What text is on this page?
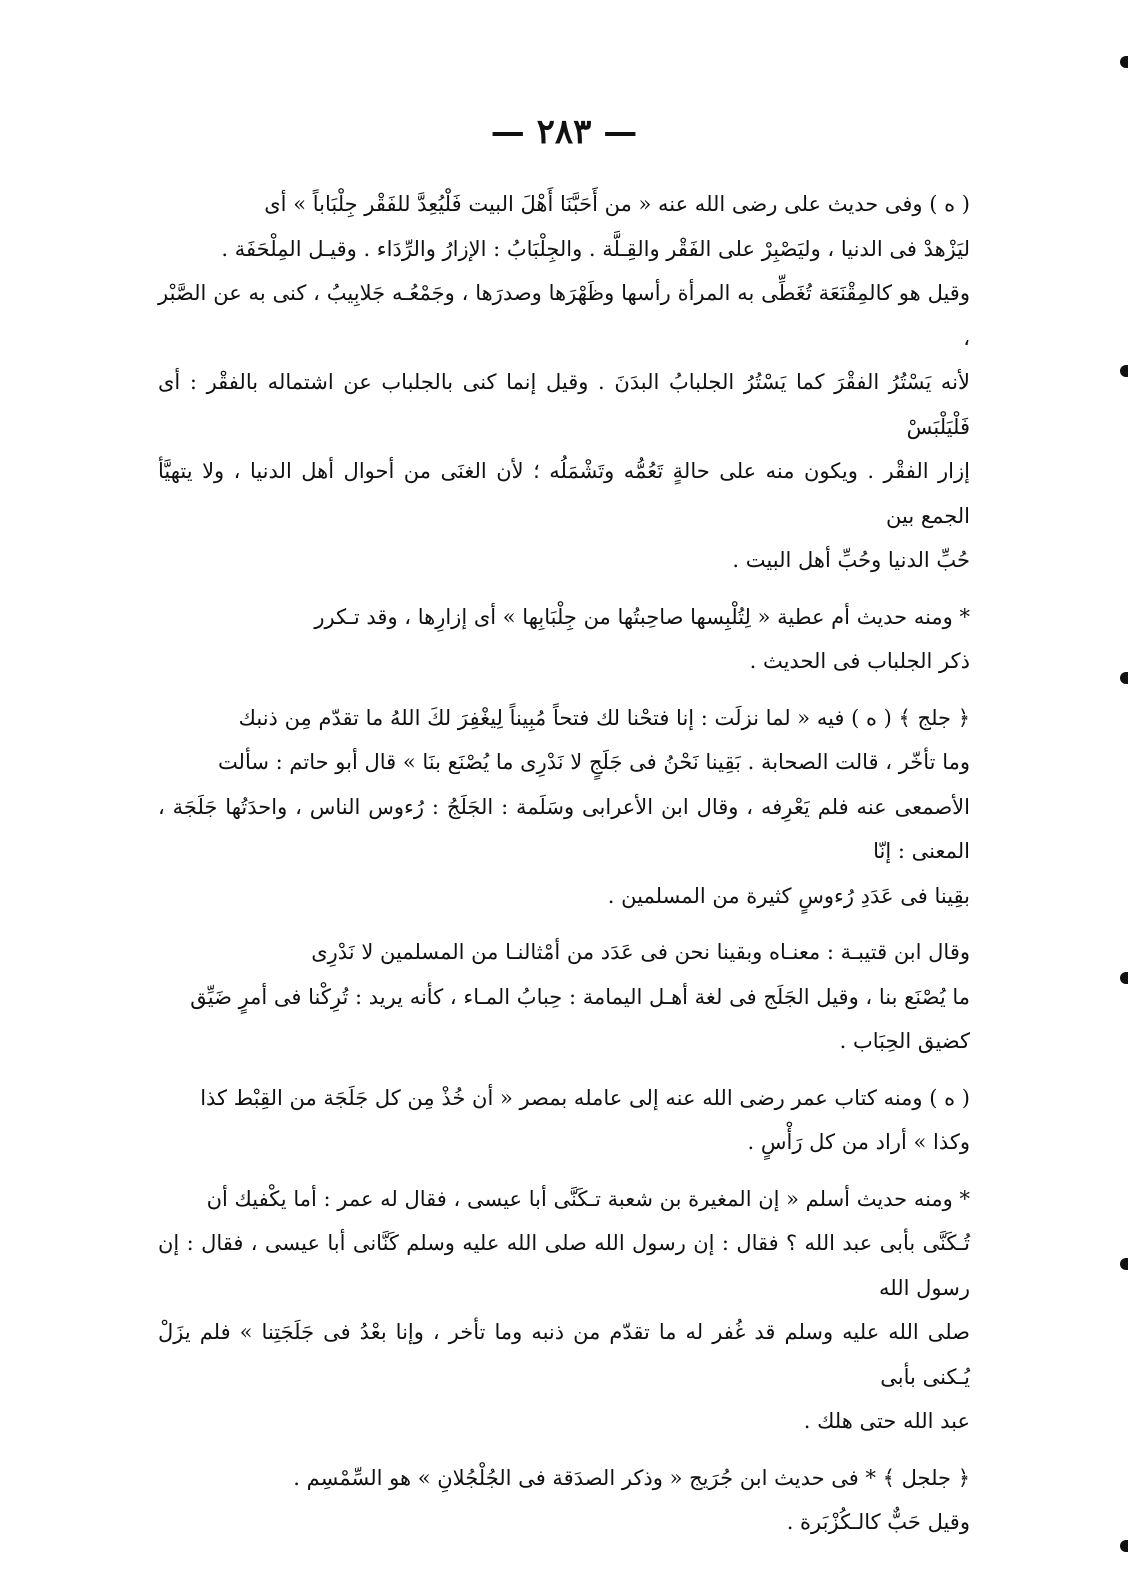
— ٢٨٣ —

( ه ) وفى حديث على رضى الله عنه « من أَحَبَّنَا أَهْلَ البيت فَلْيُعِدَّ للفَقْر جِلْبَاباً » أى

ليَزْهدْ فى الدنيا ، وليَصْبِرْ على الفَقْر والقِـلَّة . والجِلْبَابُ : الإزارُ والرِّدَاء . وقيـل المِلْحَفَة .

وقيل هو كالمِقْنَعَة تُغَطِّى به المرأة رأسها وظَهْرَها وصدرَها ، وجَمْعُـه جَلابِيبُ ، كنى به عن الصَّبْر ،

لأنه يَسْتُرُ الفقْرَ كما يَسْتُرُ الجلبابُ البدَنَ . وقيل إنما كنى بالجلباب عن اشتماله بالفقْر : أى فَلْيَلْبَسْ

إزار الفقْر . ويكون منه على حالةٍ تَعُمُّه وتَشْمَلُه ؛ لأن الغنَى من أحوال أهل الدنيا ، ولا يتهيَّأ الجمع بين

حُبِّ الدنيا وحُبِّ أهل البيت .

* ومنه حديث أم عطية « لِتُلْبِسها صاحِبتُها من جِلْبَابِها » أى إزارِها ، وقد تـكرر

ذكر الجلباب فى الحديث .

﴿ جلج ﴾ ( ه ) فيه « لما نزلَت : إنا فتحْنا لك فتحاً مُبِيناً لِيغْفِرَ لكَ اللهُ ما تقدّم مِن ذنبك

وما تأخّر ، قالت الصحابة . بَقِينا نَحْنُ فى جَلَجٍ لا نَدْرِى ما يُصْنَع بنَا » قال أبو حاتم : سألت

الأصمعى عنه فلم يَعْرِفه ، وقال ابن الأعرابى وسَلَمة : الجَلَجُ : رُءوس الناس ، واحدَتُها جَلَجَة ، المعنى : إنّا

بقِينا فى عَدَدِ رُءوسٍ كثيرة من المسلمين .

وقال ابن قتيبـة : معنـاه وبقينا نحن فى عَدَد من أمْثالنـا من المسلمين لا نَدْرِى

ما يُصْنَع بنا ، وقيل الجَلَج فى لغة أهـل اليمامة : حِبابُ المـاء ، كأنه يريد : تُرِكْنا فى أمرٍ ضَيِّق

كضيق الحِبَاب .

( ه ) ومنه كتاب عمر رضى الله عنه إلى عامله بمصر « أن خُذْ مِن كل جَلَجَة من القِبْط كذا

وكذا » أراد من كل رَأْسٍ .

* ومنه حديث أسلم « إن المغيرة بن شعبة تـكَنَّى أبا عيسى ، فقال له عمر : أما يكْفيك أن

تُـكَنَّى بأبى عبد الله ؟ فقال : إن رسول الله صلى الله عليه وسلم كَنَّانى أبا عيسى ، فقال : إن رسول الله

صلى الله عليه وسلم قد غُفر له ما تقدّم من ذنبه وما تأخر ، وإنا بعْدُ فى جَلَجَتِنا » فلم يزَلْ يُـكنى بأبى

عبد الله حتى هلك .

﴿ جلجل ﴾ * فى حديث ابن جُرَيج « وذكر الصدَقة فى الجُلْجُلانِ » هو السِّمْسِم .

وقيل حَبٌّ كالـكُزْبَرة .
